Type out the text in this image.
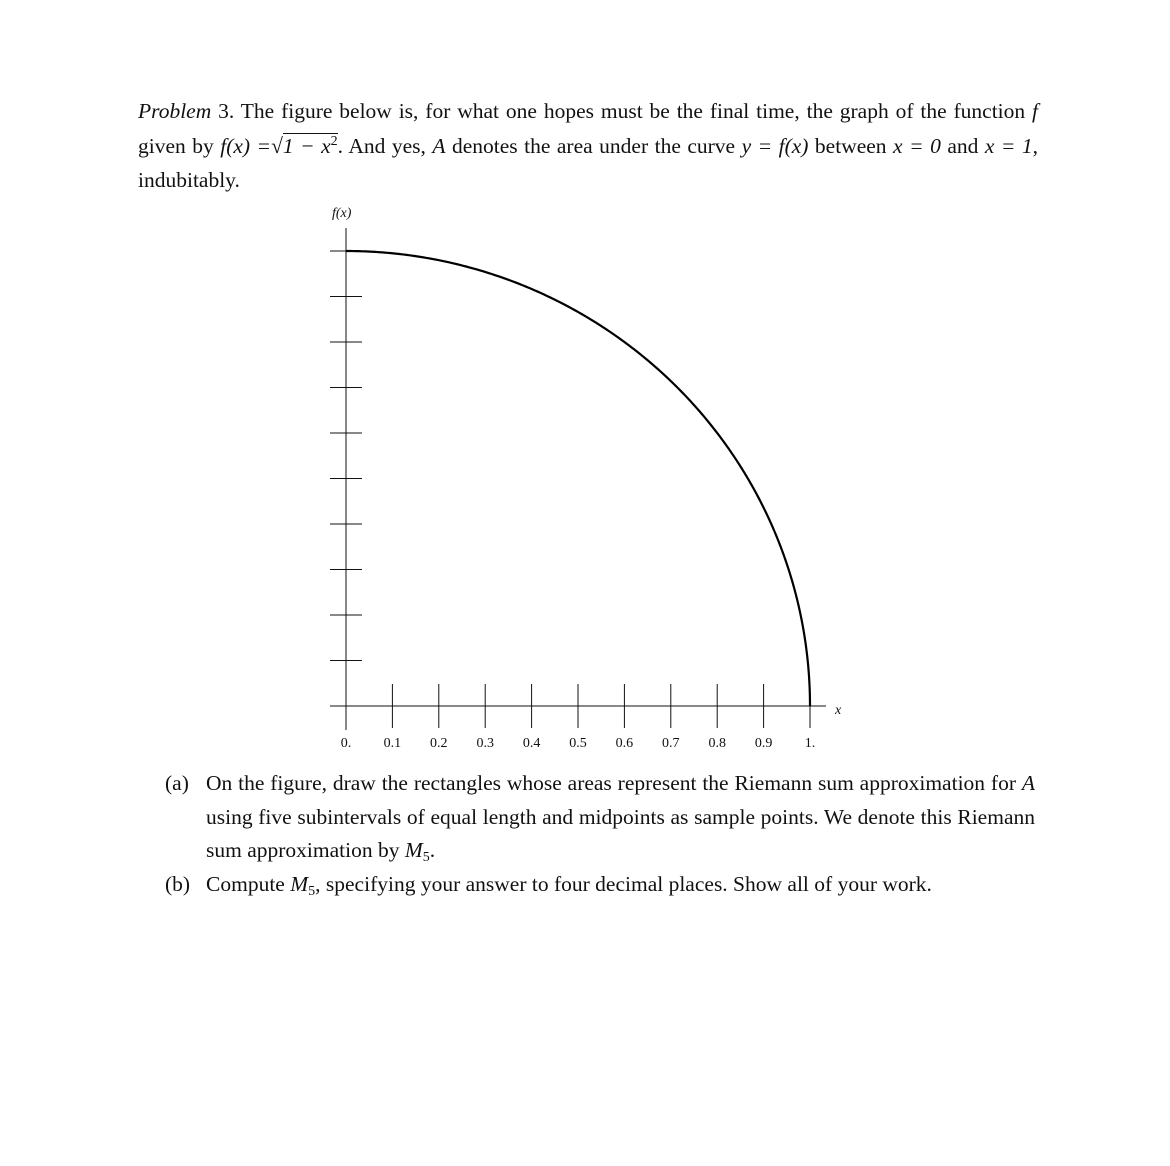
Problem 3. The figure below is, for what one hopes must be the final time, the graph of the function f given by $f(x) =√1 - x^2$. And yes, A denotes the area under the curve y = f(x) between x = 0 and x = 1, indubitably.
0. 0.1 0.2 0.3 0.4 0.5 0.6 0.7 0.8 0.9 1.
f(x)
x
(a) On the figure, draw the rectangles whose areas represent the Riemann sum approximation for A using five subintervals of equal length and midpoints as sample points. We denote this Riemann sum approximation by $M_5$.
(b) Compute $M_5$, specifying your answer to four decimal places. Show all of your work.
